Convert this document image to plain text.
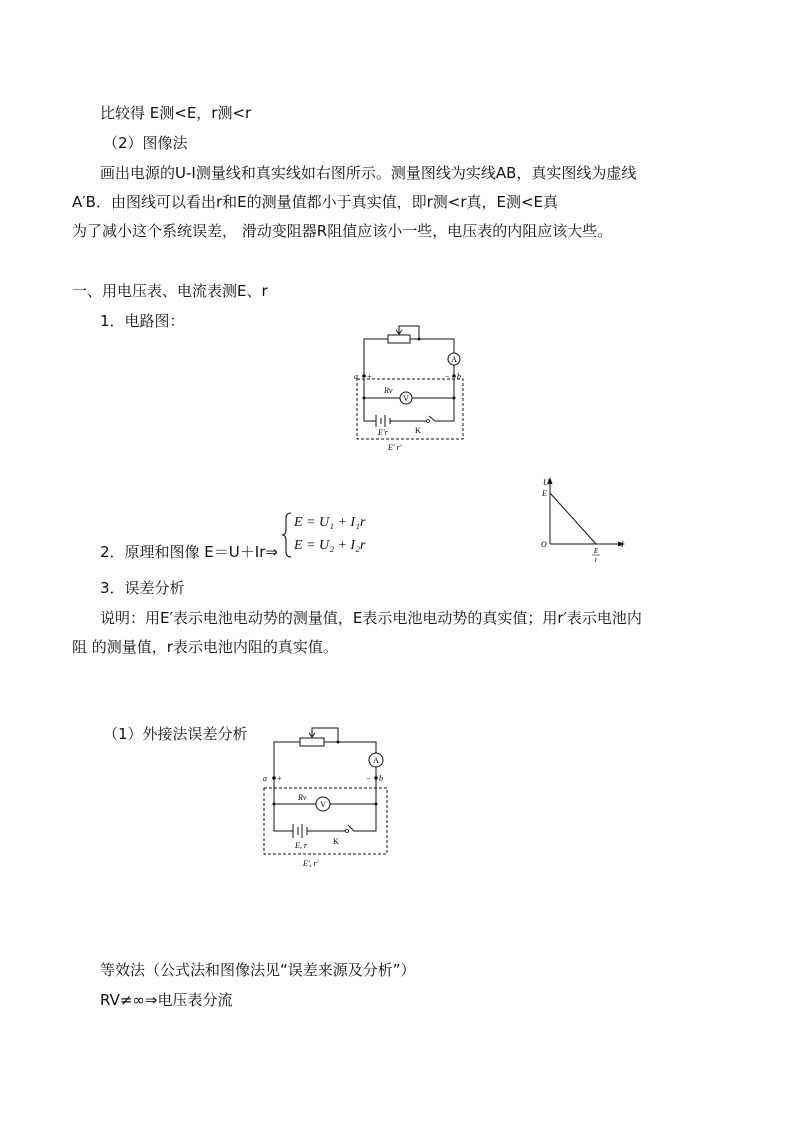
比较得 E测<E，r测<r
（2）图像法
画出电源的U-I测量线和真实线如右图所示。测量图线为实线AB，真实图线为虚线
A′B．由图线可以看出r和E的测量值都小于真实值，即r测<r真，E测<E真
为了减小这个系统误差， 滑动变阻器R阻值应该小一些，电压表的内阻应该大些。
一、用电压表、电流表测E、r
1．电路图：
2．原理和图像 E＝U＋Ir⇒
3．误差分析
说明：用E′表示电池电动势的测量值，E表示电池电动势的真实值；用r′表示电池内
阻 的测量值，r表示电池内阻的真实值。
（1）外接法误差分析
等效法（公式法和图像法见“误差来源及分析”）
RV≠∞⇒电压表分流
E = U₁ + I₁r
E = U₂ + I₂r
A
V
a +	− b
Rv
E′r	K
E′ r′
U
I
O
E
E
r
A
V
a +	− b
Rv
E, r	K
E′, r′
